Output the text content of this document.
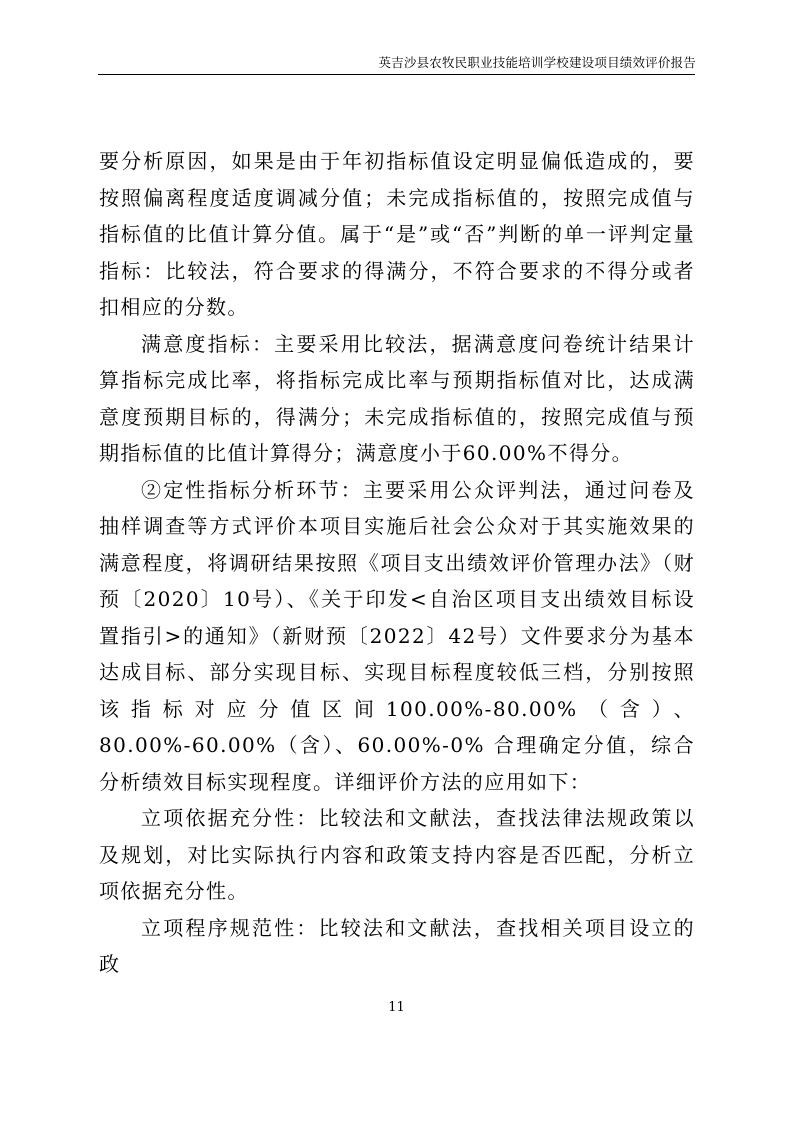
英吉沙县农牧民职业技能培训学校建设项目绩效评价报告

要分析原因，如果是由于年初指标值设定明显偏低造成的，要按照偏离程度适度调减分值；未完成指标值的，按照完成值与指标值的比值计算分值。属于“是”或“否”判断的单一评判定量指标：比较法，符合要求的得满分，不符合要求的不得分或者扣相应的分数。

满意度指标：主要采用比较法，据满意度问卷统计结果计算指标完成比率，将指标完成比率与预期指标值对比，达成满意度预期目标的，得满分；未完成指标值的，按照完成值与预期指标值的比值计算得分；满意度小于60.00%不得分。

②定性指标分析环节：主要采用公众评判法，通过问卷及抽样调查等方式评价本项目实施后社会公众对于其实施效果的满意程度，将调研结果按照《项目支出绩效评价管理办法》（财预〔2020〕10号）、《关于印发<自治区项目支出绩效目标设置指引>的通知》（新财预〔2022〕42号）文件要求分为基本达成目标、部分实现目标、实现目标程度较低三档，分别按照该指标对应分值区间100.00%-80.00%（含）、80.00%-60.00%（含）、60.00%-0% 合理确定分值，综合分析绩效目标实现程度。详细评价方法的应用如下：

立项依据充分性：比较法和文献法，查找法律法规政策以及规划，对比实际执行内容和政策支持内容是否匹配，分析立项依据充分性。

立项程序规范性：比较法和文献法，查找相关项目设立的政

11
